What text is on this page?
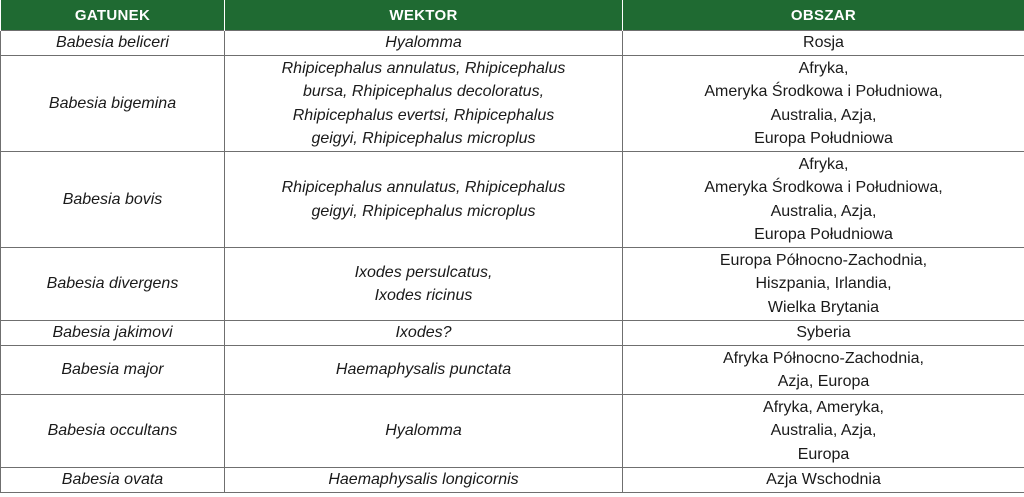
GATUNEK	WEKTOR	OBSZAR
Babesia beliceri	Hyalomma	Rosja

Babesia bigemina	Rhipicephalus annulatus, Rhipicephalus
bursa, Rhipicephalus decoloratus,
Rhipicephalus evertsi, Rhipicephalus
geigyi, Rhipicephalus microplus	Afryka,
Ameryka Środkowa i Południowa,
Australia, Azja,
Europa Południowa

Babesia bovis	Rhipicephalus annulatus, Rhipicephalus
geigyi, Rhipicephalus microplus	Afryka,
Ameryka Środkowa i Południowa,
Australia, Azja,
Europa Południowa

Babesia divergens	Ixodes persulcatus,
Ixodes ricinus	Europa Północno-Zachodnia,
Hiszpania, Irlandia,
Wielka Brytania

Babesia jakimovi	Ixodes?	Syberia

Babesia major	Haemaphysalis punctata	Afryka Północno-Zachodnia,
Azja, Europa

Babesia occultans	Hyalomma	Afryka, Ameryka,
Australia, Azja,
Europa

Babesia ovata	Haemaphysalis longicornis	Azja Wschodnia
